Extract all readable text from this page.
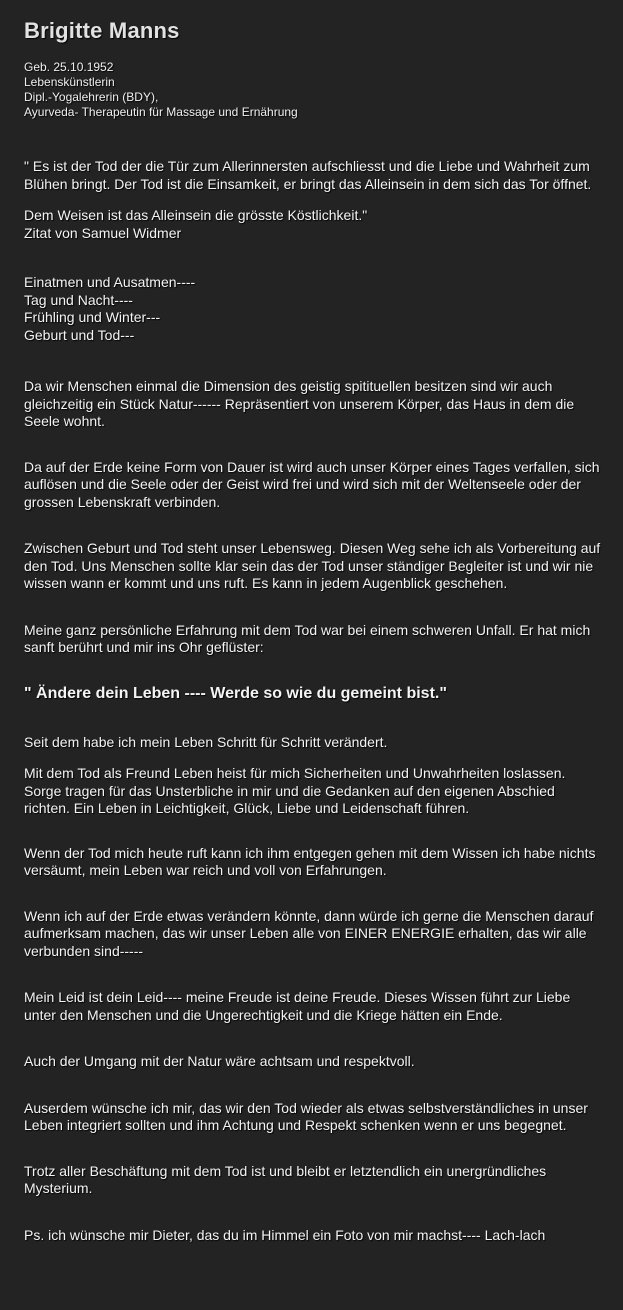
Brigitte Manns
Geb. 25.10.1952
Lebenskünstlerin
Dipl.-Yogalehrerin (BDY),
Ayurveda- Therapeutin für Massage und Ernährung

" Es ist der Tod der die Tür zum Allerinnersten aufschliesst und die Liebe und Wahrheit zum Blühen bringt. Der Tod ist die Einsamkeit, er bringt das Alleinsein in dem sich das Tor öffnet.

Dem Weisen ist das Alleinsein die grösste Köstlichkeit."

Zitat von Samuel Widmer

Einatmen und Ausatmen----
Tag und Nacht----
Frühling und Winter---
Geburt und Tod---

Da wir Menschen einmal die Dimension des geistig spitituellen besitzen sind wir auch gleichzeitig ein Stück Natur------ Repräsentiert von unserem Körper, das Haus in dem die Seele wohnt.

Da auf der Erde keine Form von Dauer ist wird auch unser Körper eines Tages verfallen, sich auflösen und die Seele oder der Geist wird frei und wird sich mit der Weltenseele oder der grossen Lebenskraft verbinden.

Zwischen Geburt und Tod steht unser Lebensweg. Diesen Weg sehe ich als Vorbereitung auf den Tod. Uns Menschen sollte klar sein das der Tod unser ständiger Begleiter ist und wir nie wissen wann er kommt und uns ruft. Es kann in jedem Augenblick geschehen.

Meine ganz persönliche Erfahrung mit dem Tod war bei einem schweren Unfall. Er hat mich sanft berührt und mir ins Ohr geflüster:

" Ändere dein Leben ---- Werde so wie du gemeint bist."

Seit dem habe ich mein Leben Schritt für Schritt verändert.

Mit dem Tod als Freund Leben heist für mich Sicherheiten und Unwahrheiten loslassen. Sorge tragen für das Unsterbliche in mir und die Gedanken auf den eigenen Abschied richten. Ein Leben in Leichtigkeit, Glück, Liebe und Leidenschaft führen.

Wenn der Tod mich heute ruft kann ich ihm entgegen gehen mit dem Wissen ich habe nichts versäumt, mein Leben war reich und voll von Erfahrungen.

Wenn ich auf der Erde etwas verändern könnte, dann würde ich gerne die Menschen darauf aufmerksam machen, das wir unser Leben alle von EINER ENERGIE erhalten, das wir alle verbunden sind-----

Mein Leid ist dein Leid---- meine Freude ist deine Freude. Dieses Wissen führt zur Liebe unter den Menschen und die Ungerechtigkeit und die Kriege hätten ein Ende.

Auch der Umgang mit der Natur wäre achtsam und respektvoll.

Auserdem wünsche ich mir, das wir den Tod wieder als etwas selbstverständliches in unser Leben integriert sollten und ihm Achtung und Respekt schenken wenn er uns begegnet.

Trotz aller Beschäftung mit dem Tod ist und bleibt er letztendlich ein unergründliches Mysterium.

Ps. ich wünsche mir Dieter, das du im Himmel ein Foto von mir machst---- Lach-lach
